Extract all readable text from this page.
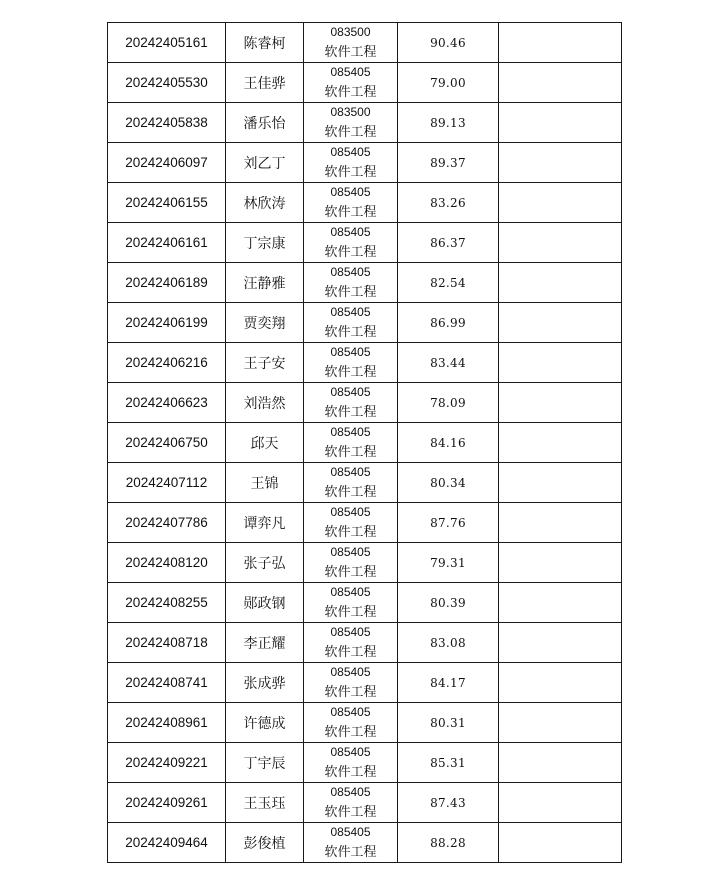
20242405161	陈睿柯	083500
软件工程	90.46	
20242405530	王佳骅	085405
软件工程	79.00	
20242405838	潘乐怡	083500
软件工程	89.13	
20242406097	刘乙丁	085405
软件工程	89.37	
20242406155	林欣涛	085405
软件工程	83.26	
20242406161	丁宗康	085405
软件工程	86.37	
20242406189	汪静雅	085405
软件工程	82.54	
20242406199	贾奕翔	085405
软件工程	86.99	
20242406216	王子安	085405
软件工程	83.44	
20242406623	刘浩然	085405
软件工程	78.09	
20242406750	邱天	085405
软件工程	84.16	
20242407112	王锦	085405
软件工程	80.34	
20242407786	谭弈凡	085405
软件工程	87.76	
20242408120	张子弘	085405
软件工程	79.31	
20242408255	郧政钢	085405
软件工程	80.39	
20242408718	李正耀	085405
软件工程	83.08	
20242408741	张成骅	085405
软件工程	84.17	
20242408961	许德成	085405
软件工程	80.31	
20242409221	丁宇辰	085405
软件工程	85.31	
20242409261	王玉珏	085405
软件工程	87.43	
20242409464	彭俊植	085405
软件工程	88.28	
